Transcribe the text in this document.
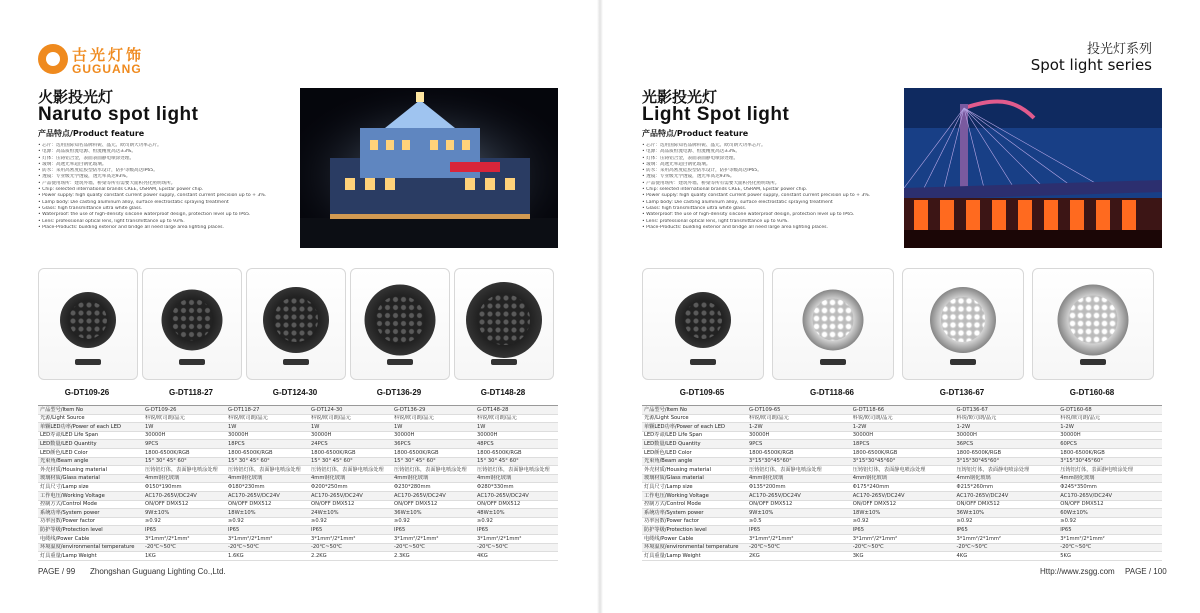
古光灯饰
GUGUANG
火影投光灯
Naruto spot light
产品特点/Product feature
• 芯片：选用国际知名品牌科锐、晶元、欧司朗大功率芯片。
• 电源：高品质恒流电源、恒流精度高达±3%。
• 灯体：压铸铝合金，表面表面静电喷涂处理。
• 玻璃：高透光率超白钢化玻璃。
• 防水：采用高密度硅胶型防水设计，防护等级高达IP65。
• 透镜：专业级光学透镜，透光率高达93%。
• 产品使用场所：建筑外墙、桥梁等所有需要大面积亮化照明场所。
• Chip: selected international brands CREE, OSRAM, Epistar power chip.
• Power supply: high quality constant current power supply, constant current precision up to + 3%.
• Lamp body: Die casting aluminum alloy, surface electrostatic spraying treatment
• Glass: high transmittance ultra white glass.
• Waterproof: the use of high-density silicone waterproof design, protection level up to IP65.
• Lens: professional optical lens, light transmittance up to 93%.
• Place-Products: building exterior and bridge all need large area lighting places.
G-DT109-26	G-DT118-27	G-DT124-30	G-DT136-29	G-DT148-28
产品型号/Item No	G-DT109-26	G-DT118-27	G-DT124-30	G-DT136-29	G-DT148-28
光源/Light Source	科锐/欧司朗/晶元	科锐/欧司朗/晶元	科锐/欧司朗/晶元	科锐/欧司朗/晶元	科锐/欧司朗/晶元
单颗LED功率/Power of each LED	1W	1W	1W	1W	1W
LED寿命/LED Life Span	30000H	30000H	30000H	30000H	30000H
LED数量/LED Quantity	9PCS	18PCS	24PCS	36PCS	48PCS
LED颜色/LED Color	1800-6500K/RGB	1800-6500K/RGB	1800-6500K/RGB	1800-6500K/RGB	1800-6500K/RGB
光束角/Beam angle	15° 30° 45° 60°	15° 30° 45° 60°	15° 30° 45° 60°	15° 30° 45° 60°	15° 30° 45° 60°
外壳材质/Housing material	压铸铝灯体，表面静电喷涂处理	压铸铝灯体，表面静电喷涂处理	压铸铝灯体，表面静电喷涂处理	压铸铝灯体，表面静电喷涂处理	压铸铝灯体，表面静电喷涂处理
玻璃材质/Glass material	4mm钢化玻璃	4mm钢化玻璃	4mm钢化玻璃	4mm钢化玻璃	4mm钢化玻璃
灯具尺寸/Lamp size	Φ150*190mm	Φ180*230mm	Φ200*250mm	Φ230*280mm	Φ280*330mm
工作电压/Working Voltage	AC170-265V/DC24V	AC170-265V/DC24V	AC170-265V/DC24V	AC170-265V/DC24V	AC170-265V/DC24V
控制方式/Control Mode	ON/OFF DMX512	ON/OFF DMX512	ON/OFF DMX512	ON/OFF DMX512	ON/OFF DMX512
系统功率/System power	9W±10%	18W±10%	24W±10%	36W±10%	48W±10%
功率因数/Power factor	≥0.92	≥0.92	≥0.92	≥0.92	≥0.92
防护等级/Protection level	IP65	IP65	IP65	IP65	IP65
电缆线/Power Cable	3*1mm²/2*1mm²	3*1mm²/2*1mm²	3*1mm²/2*1mm²	3*1mm²/2*1mm²	3*1mm²/2*1mm²
环境温度/environmental temperature	-20℃~50℃	-20℃~50℃	-20℃~50℃	-20℃~50℃	-20℃~50℃
灯具重量/Lamp Weight	1KG	1.6KG	2.2KG	2.3KG	4KG
PAGE / 99 Zhongshan Guguang Lighting Co.,Ltd.
投光灯系列
Spot light series
光影投光灯
Light Spot light
产品特点/Product feature
• 芯片：选用国际知名品牌科锐、晶元、欧司朗大功率芯片。
• 电源：高品质恒流电源、恒流精度高达±3%。
• 灯体：压铸铝合金，表面表面静电喷涂处理。
• 玻璃：高透光率超白钢化玻璃。
• 防水：采用高密度硅胶型防水设计，防护等级高达IP65。
• 透镜：专业级光学透镜，透光率高达93%。
• 产品使用场所：建筑外墙、桥梁等所有需要大面积亮化照明场所。
• Chip: selected international brands CREE, OSRAM, Epistar power chip.
• Power supply: high quality constant current power supply, constant current precision up to + 3%.
• Lamp body: Die casting aluminum alloy, surface electrostatic spraying treatment
• Glass: high transmittance ultra white glass.
• Waterproof: the use of high-density silicone waterproof design, protection level up to IP65.
• Lens: professional optical lens, light transmittance up to 93%.
• Place-Products: building exterior and bridge all need large area lighting places.
G-DT109-65	G-DT118-66	G-DT136-67	G-DT160-68
产品型号/Item No	G-DT109-65	G-DT118-66	G-DT136-67	G-DT160-68
光源/Light Source	科锐/欧司朗/晶元	科锐/欧司朗/晶元	科锐/欧司朗/晶元	科锐/欧司朗/晶元
单颗LED功率/Power of each LED	1-2W	1-2W	1-2W	1-2W
LED寿命/LED Life Span	30000H	30000H	30000H	30000H
LED数量/LED Quantity	9PCS	18PCS	36PCS	60PCS
LED颜色/LED Color	1800-6500K/RGB	1800-6500K/RGB	1800-6500K/RGB	1800-6500K/RGB
光束角/Beam angle	3°15°30°45°60°	3°15°30°45°60°	3°15°30°45°60°	3°15°30°45°60°
外壳材质/Housing material	压铸铝灯体，表面静电喷涂处理	压铸铝灯体，表面静电喷涂处理	压铸铝灯体，表面静电喷涂处理	压铸铝灯体，表面静电喷涂处理
玻璃材质/Glass material	4mm钢化玻璃	4mm钢化玻璃	4mm钢化玻璃	4mm钢化玻璃
灯具尺寸/Lamp size	Φ135*200mm	Φ175*240mm	Φ215*260mm	Φ245*350mm
工作电压/Working Voltage	AC170-265V/DC24V	AC170-265V/DC24V	AC170-265V/DC24V	AC170-265V/DC24V
控制方式/Control Mode	ON/OFF DMX512	ON/OFF DMX512	ON/OFF DMX512	ON/OFF DMX512
系统功率/System power	9W±10%	18W±10%	36W±10%	60W±10%
功率因数/Power factor	≥0.5	≥0.92	≥0.92	≥0.92
防护等级/Protection level	IP65	IP65	IP65	IP65
电缆线/Power Cable	3*1mm²/2*1mm²	3*1mm²/2*1mm²	3*1mm²/2*1mm²	3*1mm²/2*1mm²
环境温度/environmental temperature	-20℃~50℃	-20℃~50℃	-20℃~50℃	-20℃~50℃
灯具重量/Lamp Weight	2KG	3KG	4KG	5KG
Http://www.zsgg.com PAGE / 100
